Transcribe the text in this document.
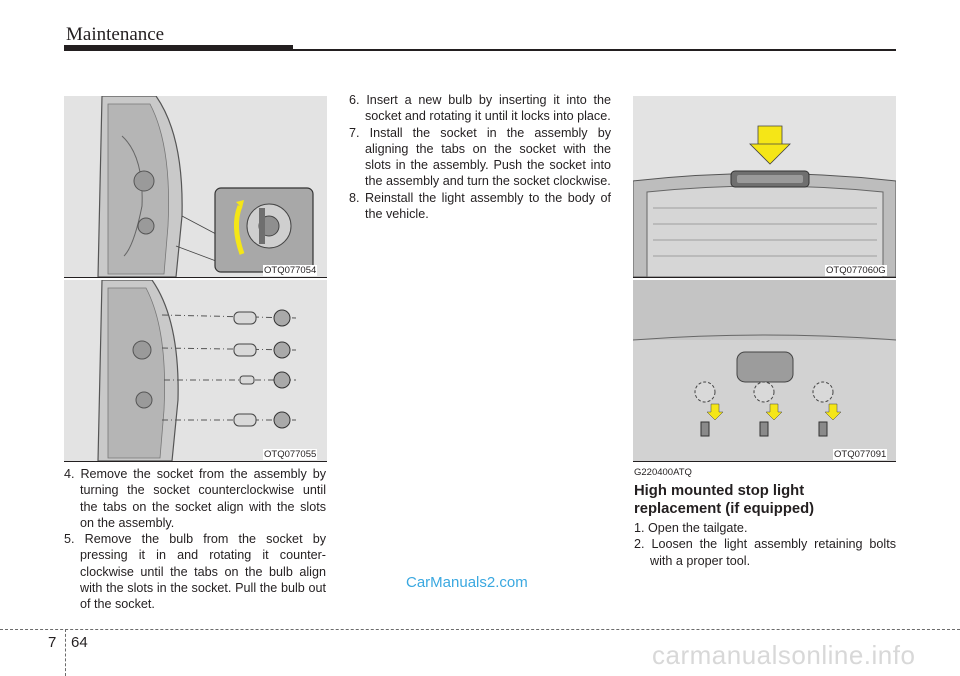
Maintenance
OTQ077054
OTQ077055

4. Remove the socket from the assembly by turning the socket counterclockwise until the tabs on the socket align with the slots on the assembly.

5. Remove the bulb from the socket by pressing it in and rotating it counter-clockwise until the tabs on the bulb align with the slots in the socket. Pull the bulb out of the socket.

6. Insert a new bulb by inserting it into the socket and rotating it until it locks into place.

7. Install the socket in the assembly by aligning the tabs on the socket with the slots in the assembly. Push the socket into the assembly and turn the socket clockwise.

8. Reinstall the light assembly to the body of the vehicle.

CarManuals2.com
OTQ077060G
OTQ077091
G220400ATQ
High mounted stop light
replacement (if equipped)

1. Open the tailgate.

2. Loosen the light assembly retaining bolts with a proper tool.

7 64	carmanualsonline.info
